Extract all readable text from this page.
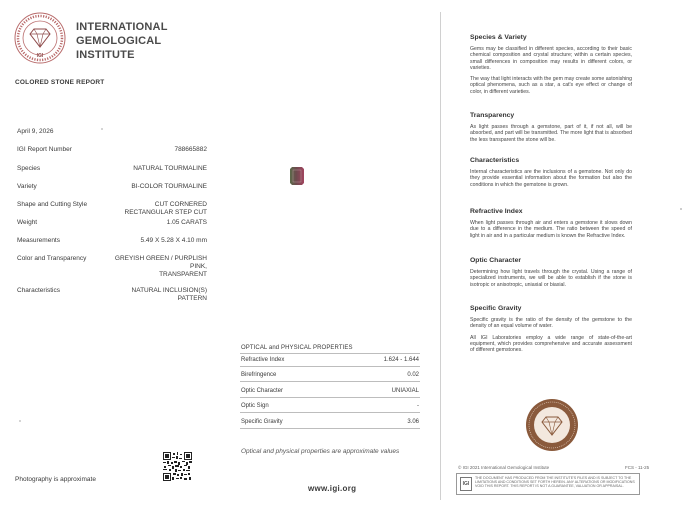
IGI
INTERNATIONAL
GEMOLOGICAL
INSTITUTE
COLORED STONE REPORT
April 9, 2026
IGI Report Number	788665882
Species	NATURAL TOURMALINE
Variety	BI-COLOR TOURMALINE
Shape and Cutting Style	CUT CORNERED
RECTANGULAR STEP CUT
Weight	1.05 CARATS
Measurements	5.49 X 5.28 X 4.10 mm
Color and Transparency	GREYISH GREEN / PURPLISH
PINK,
TRANSPARENT
Characteristics	NATURAL INCLUSION(S)
PATTERN
Photography is approximate
OPTICAL and PHYSICAL PROPERTIES
Refractive Index	1.624 - 1.644
Birefringence	0.02
Optic Character	UNIAXIAL
Optic Sign	-
Specific Gravity	3.06
Optical and physical properties are approximate values
www.igi.org
Species & Variety

Gems may be classified in different species, according to their basic chemical composition and crystal structure; within a certain species, small differences in composition may results in different colors, or varieties.

The way that light interacts with the gem may create some astonishing optical phenomena, such as a star, a cat's eye effect or change of color, in different varieties.

Transparency

As light passes through a gemstone, part of it, if not all, will be absorbed, and part will be transmitted. The more light that is absorbed the less transparent the stone will be.

Characteristics

Internal characteristics are the inclusions of a gemstone. Not only do they provide essential information about the formation but also the conditions in which the gemstone is grown.

Refractive Index

When light passes through air and enters a gemstone it slows down due to a difference in the medium. The ratio between the speed of light in air and in a particular medium is known the Refractive Index.

Optic Character

Determining how light travels through the crystal. Using a range of specialized instruments, we will be able to establish if the stone is isotropic or anisotropic, uniaxial or biaxial.

Specific Gravity

Specific gravity is the ratio of the density of the gemstone to the density of an equal volume of water.

All IGI Laboratories employ a wide range of state-of-the-art equipment, which provides comprehensive and accurate assessment of different gemstones.

© IGI 2021 International Gemological Institute	FCS - 11-25
IGI
THE DOCUMENT HAS PRODUCED FROM THE INSTITUTE'S FILES AND IS SUBJECT TO THE LIMITATIONS AND CONDITIONS SET FORTH HEREIN. ANY ALTERATIONS OR MODIFICATIONS VOID THIS REPORT. THIS REPORT IS NOT A GUARANTEE, VALUATION OR APPRAISAL.
